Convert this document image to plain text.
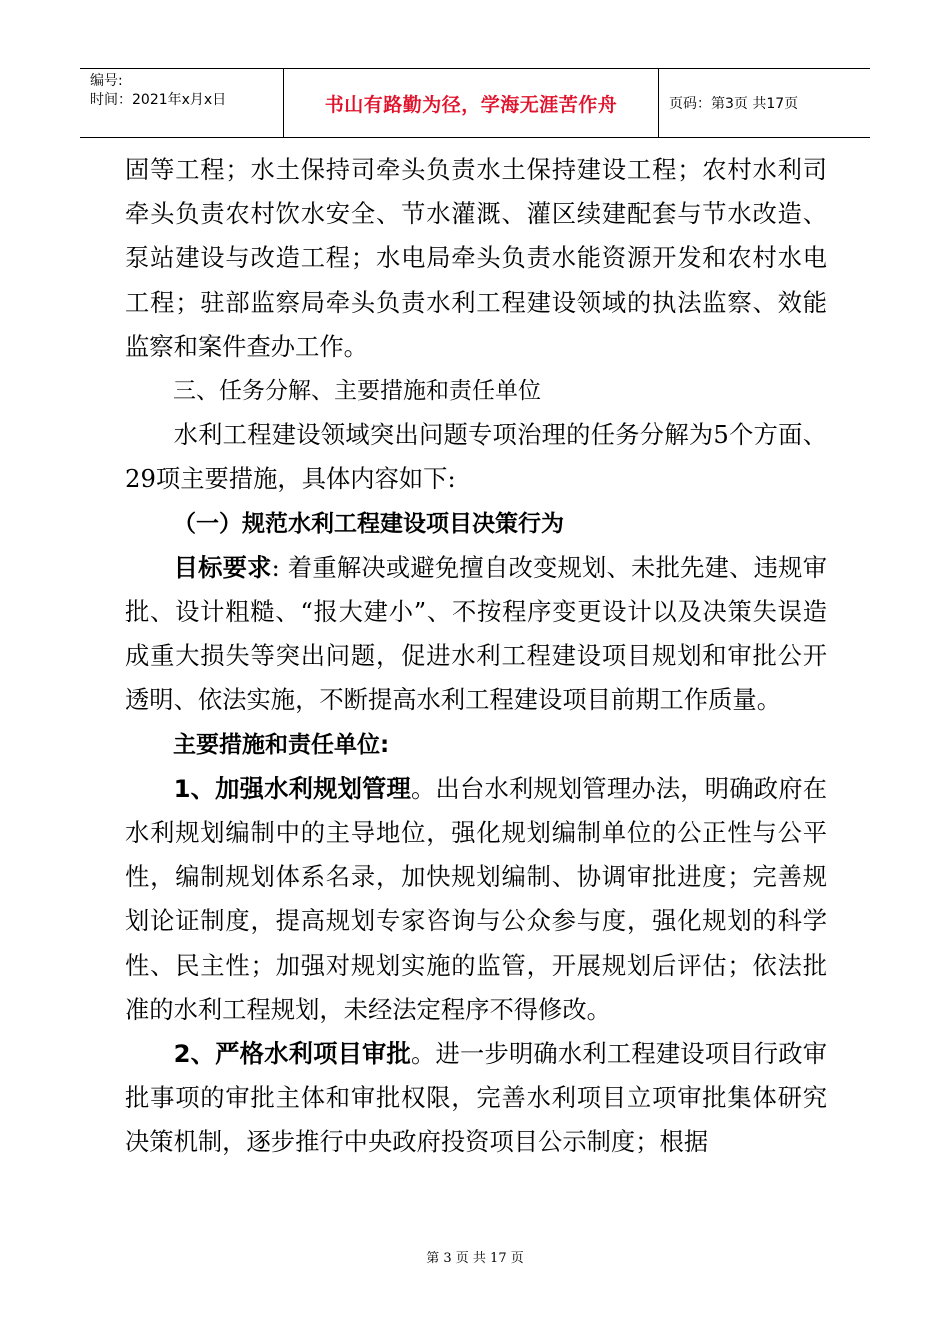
编号:
时间：2021年x月x日	书山有路勤为径，学海无涯苦作舟	页码：第3页 共17页

固等工程；水土保持司牵头负责水土保持建设工程；农村水利司牵头负责农村饮水安全、节水灌溉、灌区续建配套与节水改造、泵站建设与改造工程；水电局牵头负责水能资源开发和农村水电工程；驻部监察局牵头负责水利工程建设领域的执法监察、效能监察和案件查办工作。

三、任务分解、主要措施和责任单位

水利工程建设领域突出问题专项治理的任务分解为5个方面、29项主要措施，具体内容如下:

（一）规范水利工程建设项目决策行为

目标要求: 着重解决或避免擅自改变规划、未批先建、违规审批、设计粗糙、“报大建小”、不按程序变更设计以及决策失误造成重大损失等突出问题，促进水利工程建设项目规划和审批公开透明、依法实施，不断提高水利工程建设项目前期工作质量。

主要措施和责任单位:

1、加强水利规划管理。出台水利规划管理办法，明确政府在水利规划编制中的主导地位，强化规划编制单位的公正性与公平性，编制规划体系名录，加快规划编制、协调审批进度；完善规划论证制度，提高规划专家咨询与公众参与度，强化规划的科学性、民主性；加强对规划实施的监管，开展规划后评估；依法批准的水利工程规划，未经法定程序不得修改。

2、严格水利项目审批。进一步明确水利工程建设项目行政审批事项的审批主体和审批权限，完善水利项目立项审批集体研究决策机制，逐步推行中央政府投资项目公示制度；根据

第 3 页 共 17 页
